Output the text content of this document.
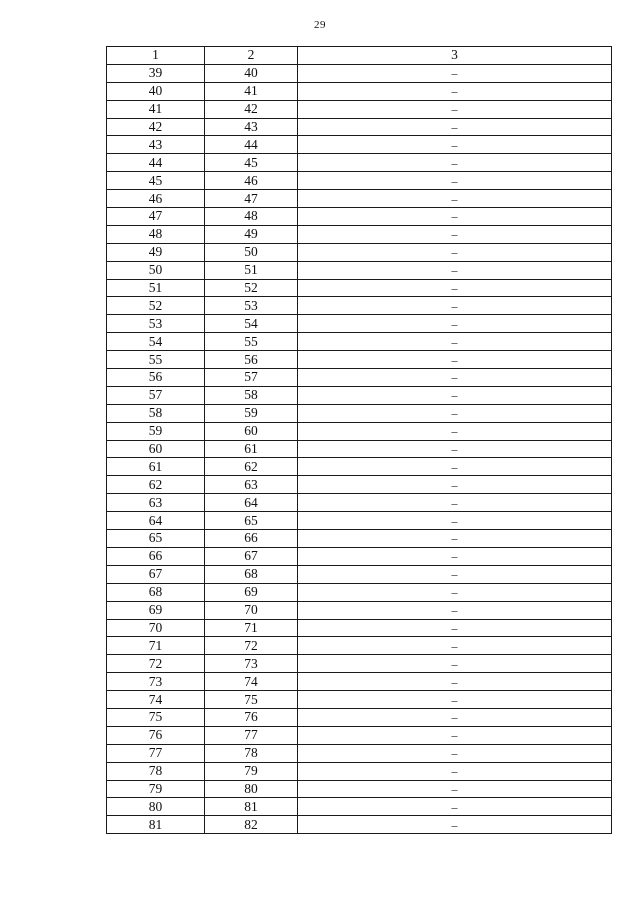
29
1	2	3
39	40	–
40	41	–
41	42	–
42	43	–
43	44	–
44	45	–
45	46	–
46	47	–
47	48	–
48	49	–
49	50	–
50	51	–
51	52	–
52	53	–
53	54	–
54	55	–
55	56	–
56	57	–
57	58	–
58	59	–
59	60	–
60	61	–
61	62	–
62	63	–
63	64	–
64	65	–
65	66	–
66	67	–
67	68	–
68	69	–
69	70	–
70	71	–
71	72	–
72	73	–
73	74	–
74	75	–
75	76	–
76	77	–
77	78	–
78	79	–
79	80	–
80	81	–
81	82	–
